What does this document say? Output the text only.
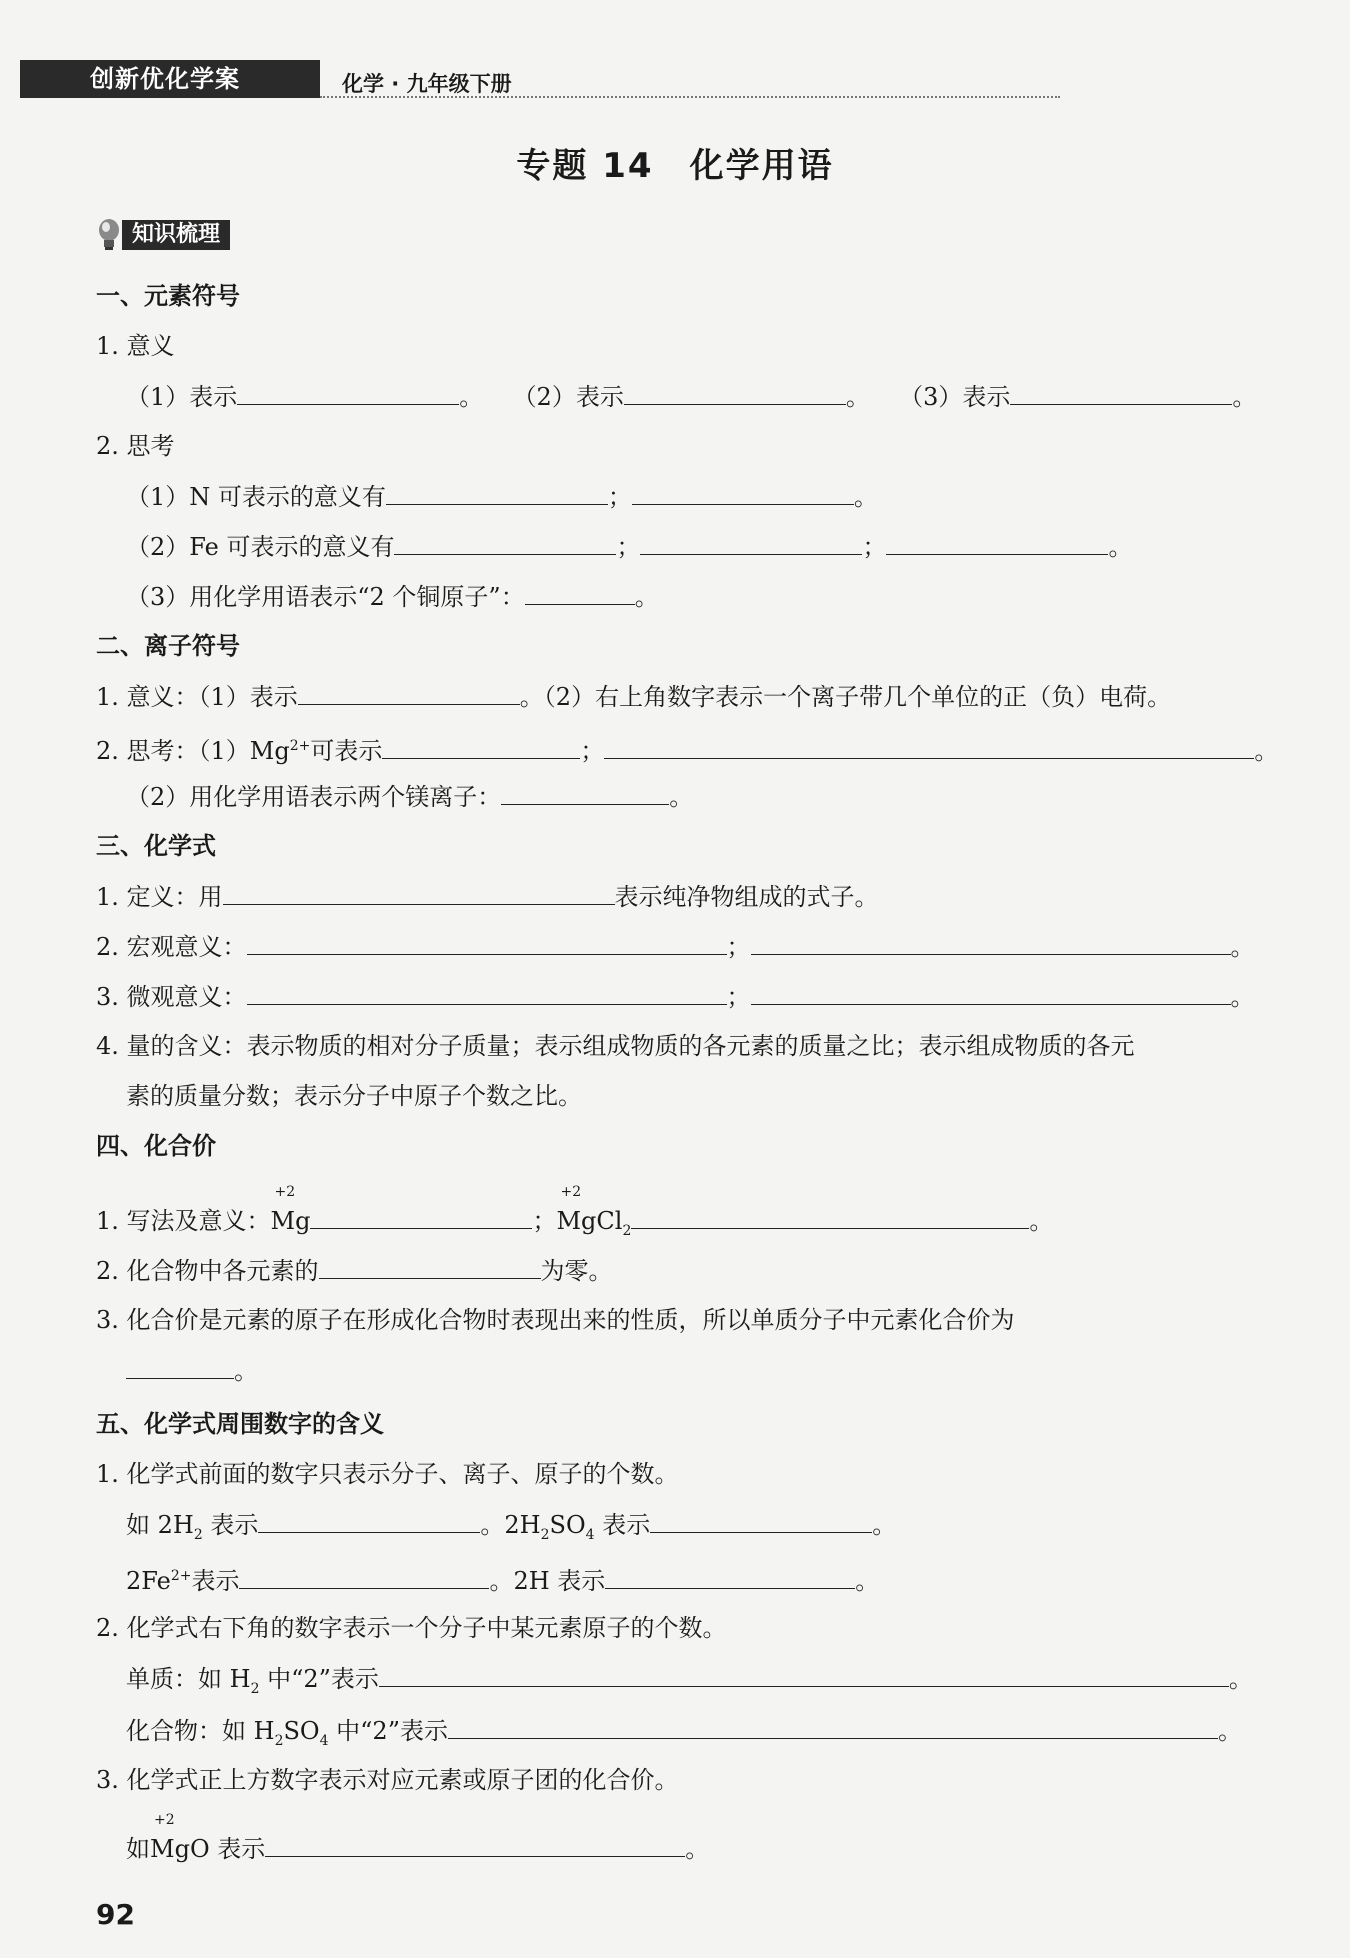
创新优化学案	化学 · 九年级下册
专题 14　化学用语
知识梳理
一、元素符号
1. 意义
（1）表示	。 （2）表示	。 （3）表示	。
2. 思考
（1）N 可表示的意义有	；	。
（2）Fe 可表示的意义有	；	；	。
（3）用化学用语表示“2 个铜原子”：	。
二、离子符号
1. 意义：（1）表示	。（2）右上角数字表示一个离子带几个单位的正（负）电荷。
2. 思考：$(1)Mg^{2+}$可表示	；	。
（2）用化学用语表示两个镁离子：	。
三、化学式
1. 定义：用	表示纯净物组成的式子。
2. 宏观意义：	；	。
3. 微观意义：	；	。
4. 量的含义：表示物质的相对分子质量；表示组成物质的各元素的质量之比；表示组成物质的各元
素的质量分数；表示分子中原子个数之比。
四、化合价
1. 写法及意义：
+2
Mg	；
+2
MgCl$_2$	。
2. 化合物中各元素的	为零。
3. 化合价是元素的原子在形成化合物时表现出来的性质，所以单质分子中元素化合价为
。
五、化学式周围数字的含义
1. 化学式前面的数字只表示分子、离子、原子的个数。
如 $2H_2$ 表示	。$2H_2SO_4$ 表示	。
$2Fe^{2+}$表示	。2H 表示	。
2. 化学式右下角的数字表示一个分子中某元素原子的个数。
单质：如 $H_2$ 中“2”表示	。
化合物：如 $H_2SO_4$ 中“2”表示	。
3. 化学式正上方数字表示对应元素或原子团的化合价。
如
+2
MgO 表示	。
92
